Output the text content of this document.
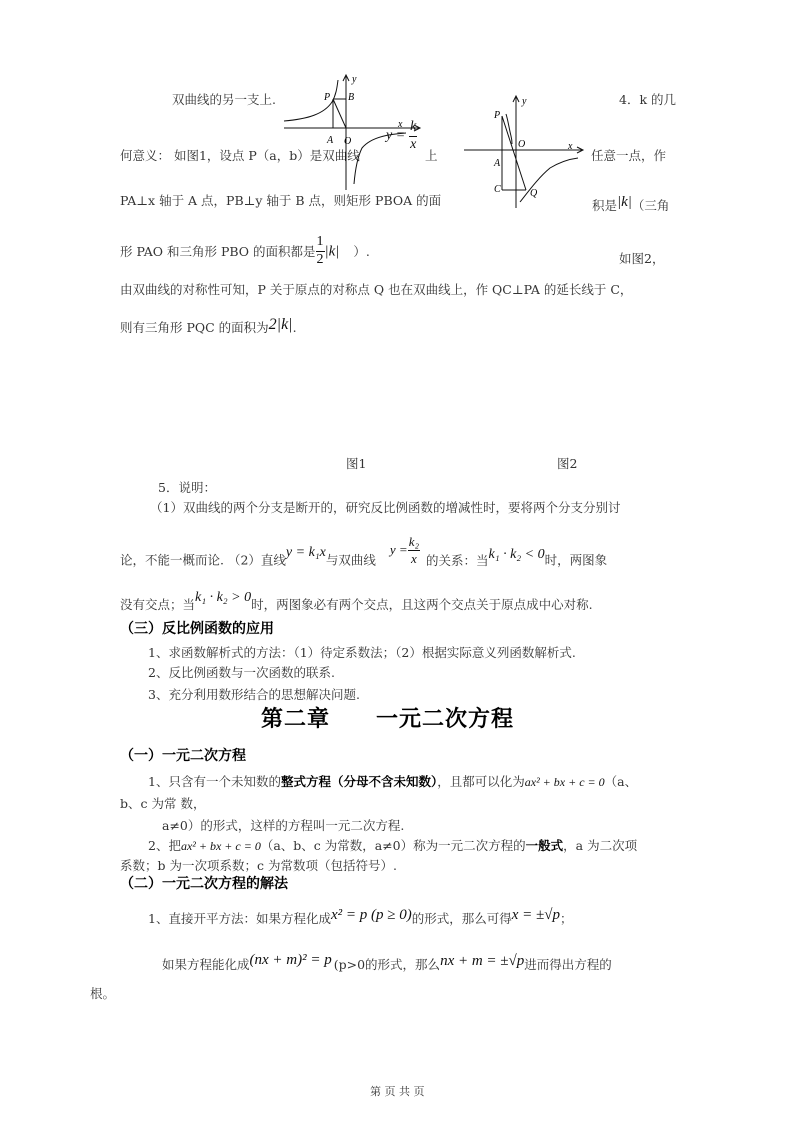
双曲线的另一支上.	4．k 的几
何意义： 如图1，设点 P（a，b）是双曲线	上	任意一点，作
PA⊥x 轴于 A 点，PB⊥y 轴于 B 点，则矩形 PBOA 的面	积是|k|（三角
形 PAO 和三角形 PBO 的面积都是 $\frac{1}{2} |k|$ ）.	如图2，
由双曲线的对称性可知，P 关于原点的对称点 Q 也在双曲线上，作 QC⊥PA 的延长线于 C，
则有三角形 PQC 的面积为2|k|.
y
x
P B
A O $y = \frac{k}{x}$
y
x
P
O
A
C	Q
图1	图2
5．说明：
（1）双曲线的两个分支是断开的，研究反比例函数的增减性时，要将两个分支分别讨
论，不能一概而论. （2）直线y = k₁x与双曲线$y = \frac{\text{k₂}}{x}$ 的关系：当k₁ · k₂ < 0时，两图象
没有交点；当k₁ · k₂ > 0时，两图象必有两个交点，且这两个交点关于原点成中心对称.
（三）反比例函数的应用
1、求函数解析式的方法：（1）待定系数法；（2）根据实际意义列函数解析式.
2、反比例函数与一次函数的联系.
3、充分利用数形结合的思想解决问题.
第二章　　一元二次方程
（一）一元二次方程
1、只含有一个未知数的整式方程（分母不含未知数），且都可以化为ax² + bx + c = 0（a、
b、c 为常 数，
a≠0）的形式，这样的方程叫一元二次方程.
2、把ax² + bx + c = 0（a、b、c 为常数，a≠0）称为一元二次方程的一般式，a 为二次项
系数；b 为一次项系数；c 为常数项（包括符号）.
（二）一元二次方程的解法
1、直接开平方法：如果方程化成x² = p (p ≥ 0)的形式，那么可得x = ±√p；
如果方程能化成(nx + m)² = p (p>0的形式，那么nx + m = ±√p进而得出方程的
根。
第 页 共 页
